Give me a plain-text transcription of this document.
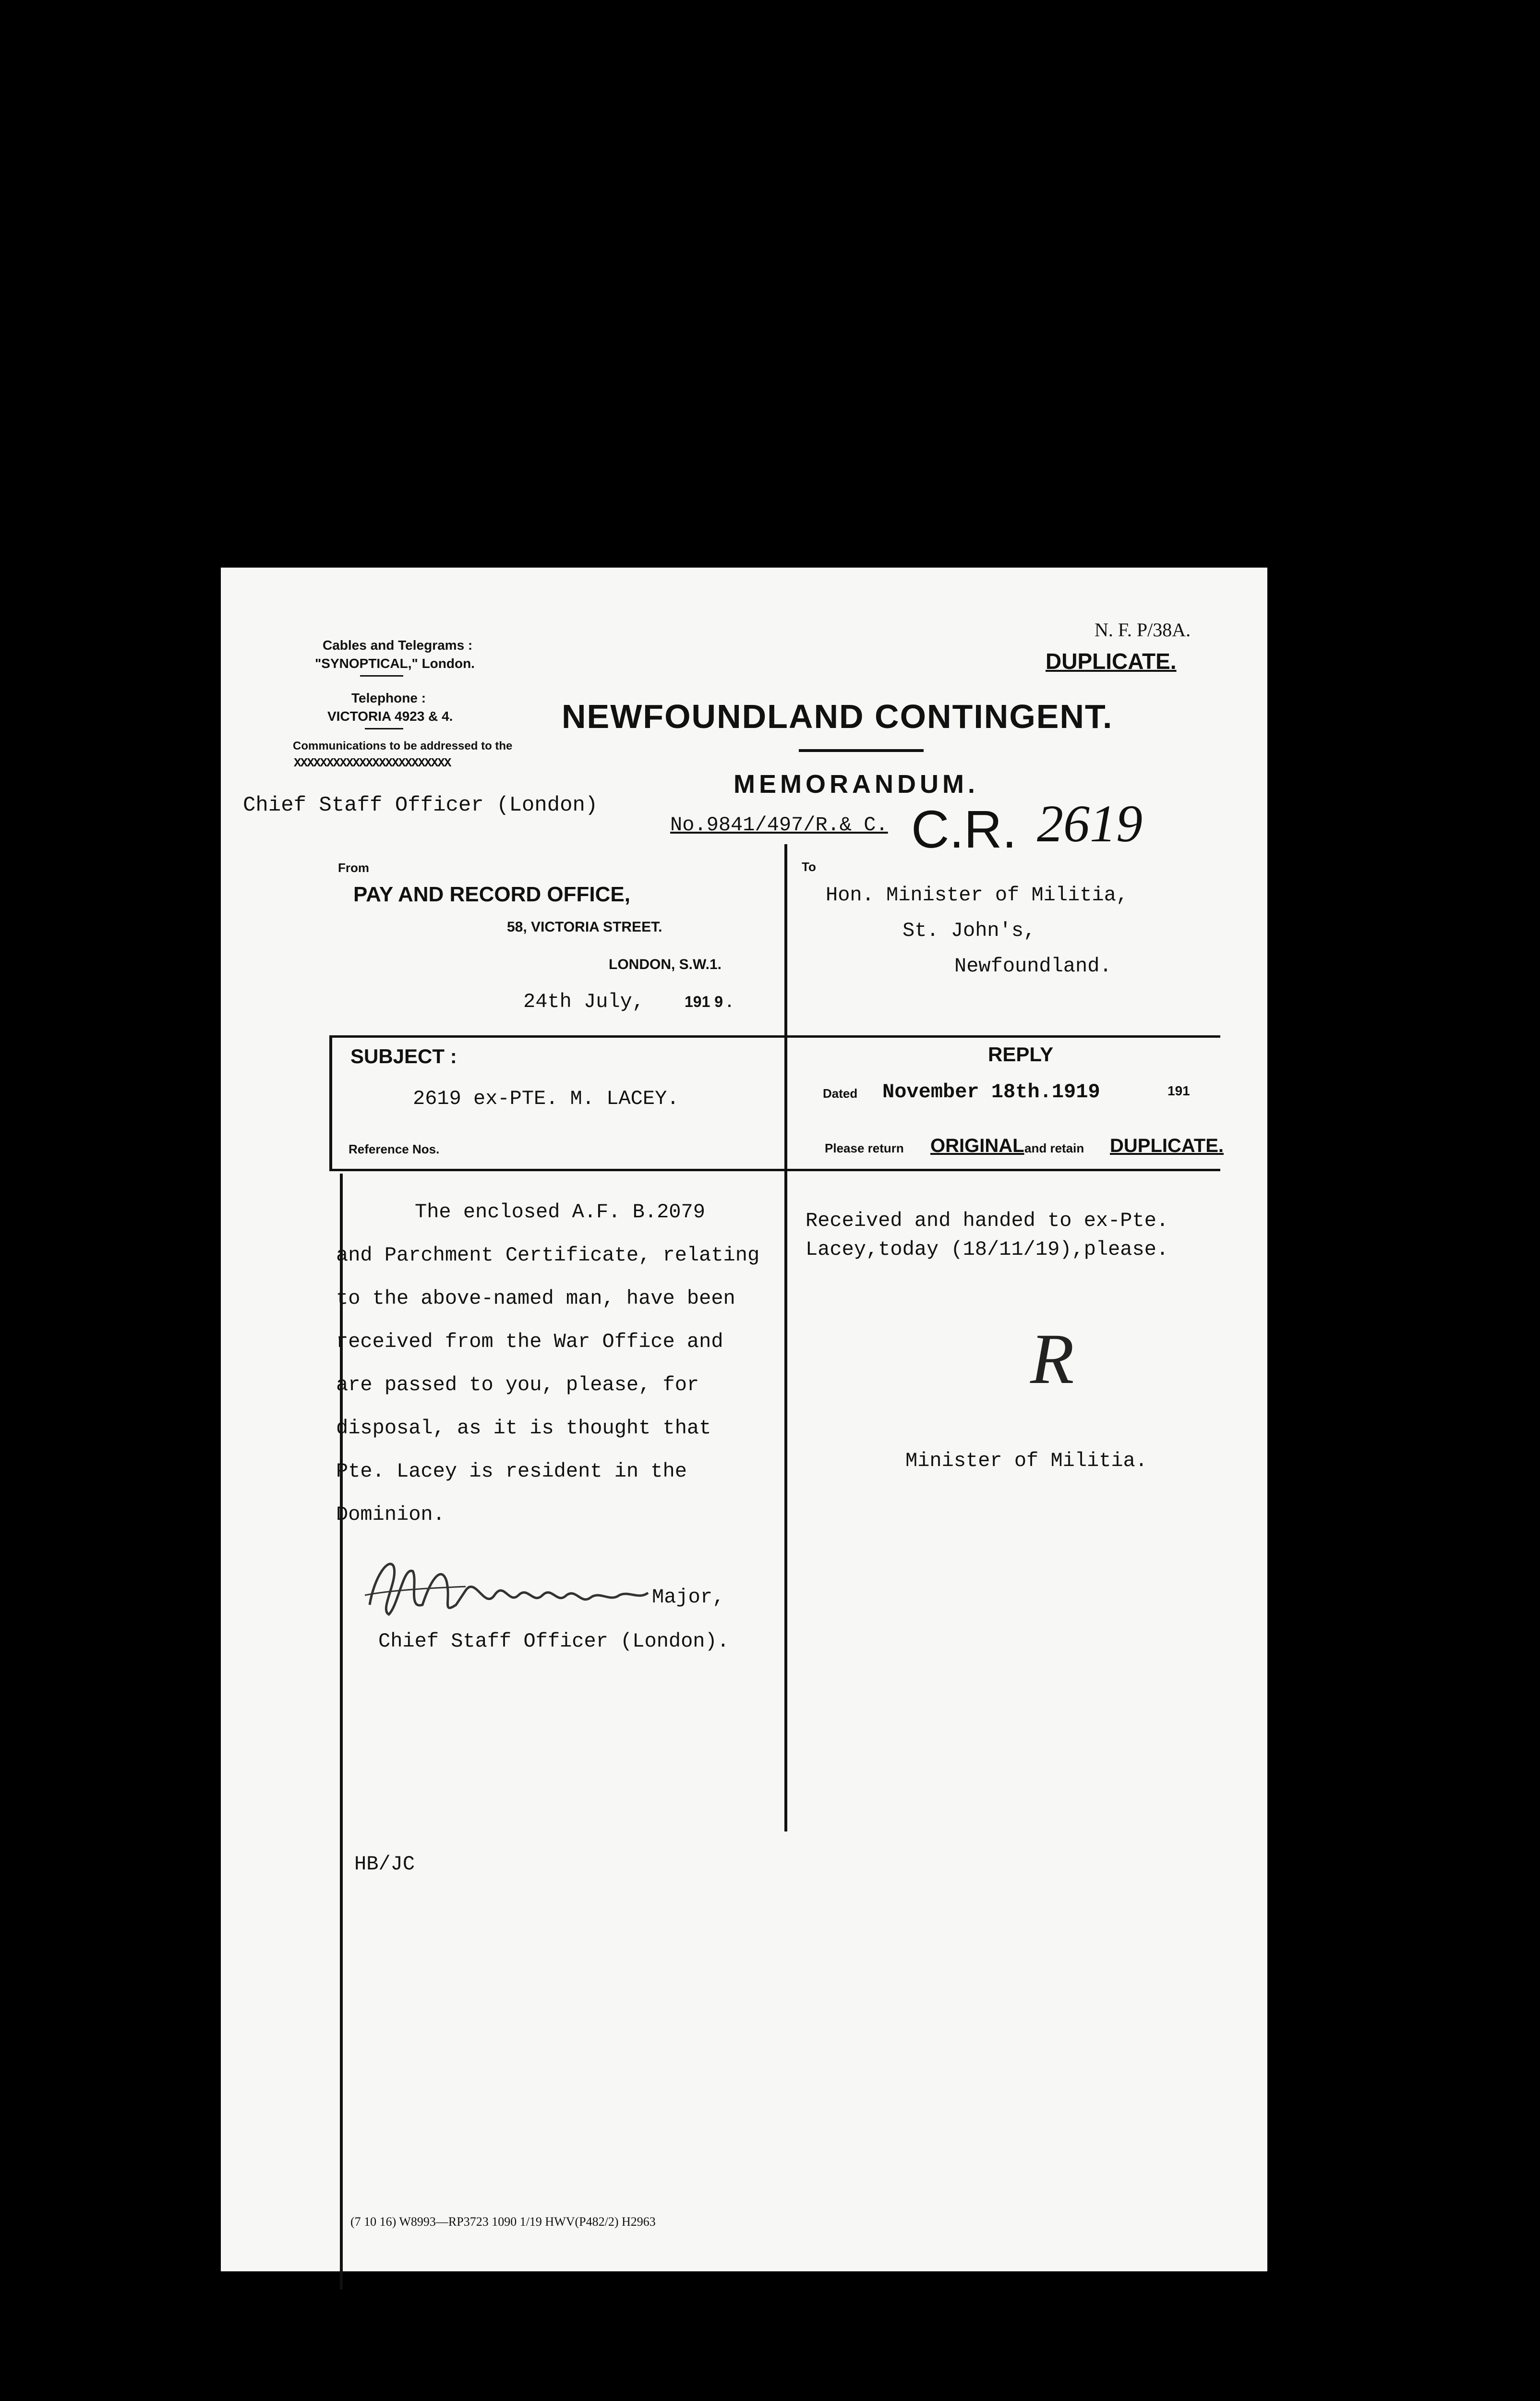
Cables and Telegrams :
"SYNOPTICAL," London.
Telephone :
VICTORIA 4923 & 4.
Communications to be addressed to the
XXXXXXXXXXXXXXXXXXXXXXXX
Chief Staff Officer (London)
N. F. P/38A.
DUPLICATE.
NEWFOUNDLAND CONTINGENT.
MEMORANDUM.
No.9841/497/R.& C. C.R. 2619
From
PAY AND RECORD OFFICE,
58, VICTORIA STREET.
LONDON, S.W.1.
24th July,	191 9 .
To
Hon. Minister of Militia,
St. John's,
Newfoundland.
SUBJECT :
2619 ex-PTE. M. LACEY.
Reference Nos.
REPLY
Dated November 18th.1919	191
Please return ORIGINAL and retain DUPLICATE.
The enclosed A.F. B.2079
and Parchment Certificate, relating
to the above-named man, have been
received from the War Office and
are passed to you, please, for
disposal, as it is thought that
Pte. Lacey is resident in the
Dominion.
Major,
Chief Staff Officer (London).
HB/JC
Received and handed to ex-Pte.
Lacey,today (18/11/19),please.
R
Minister of Militia.
(7 10 16) W8993—RP3723 1090 1/19 HWV(P482/2) H2963
